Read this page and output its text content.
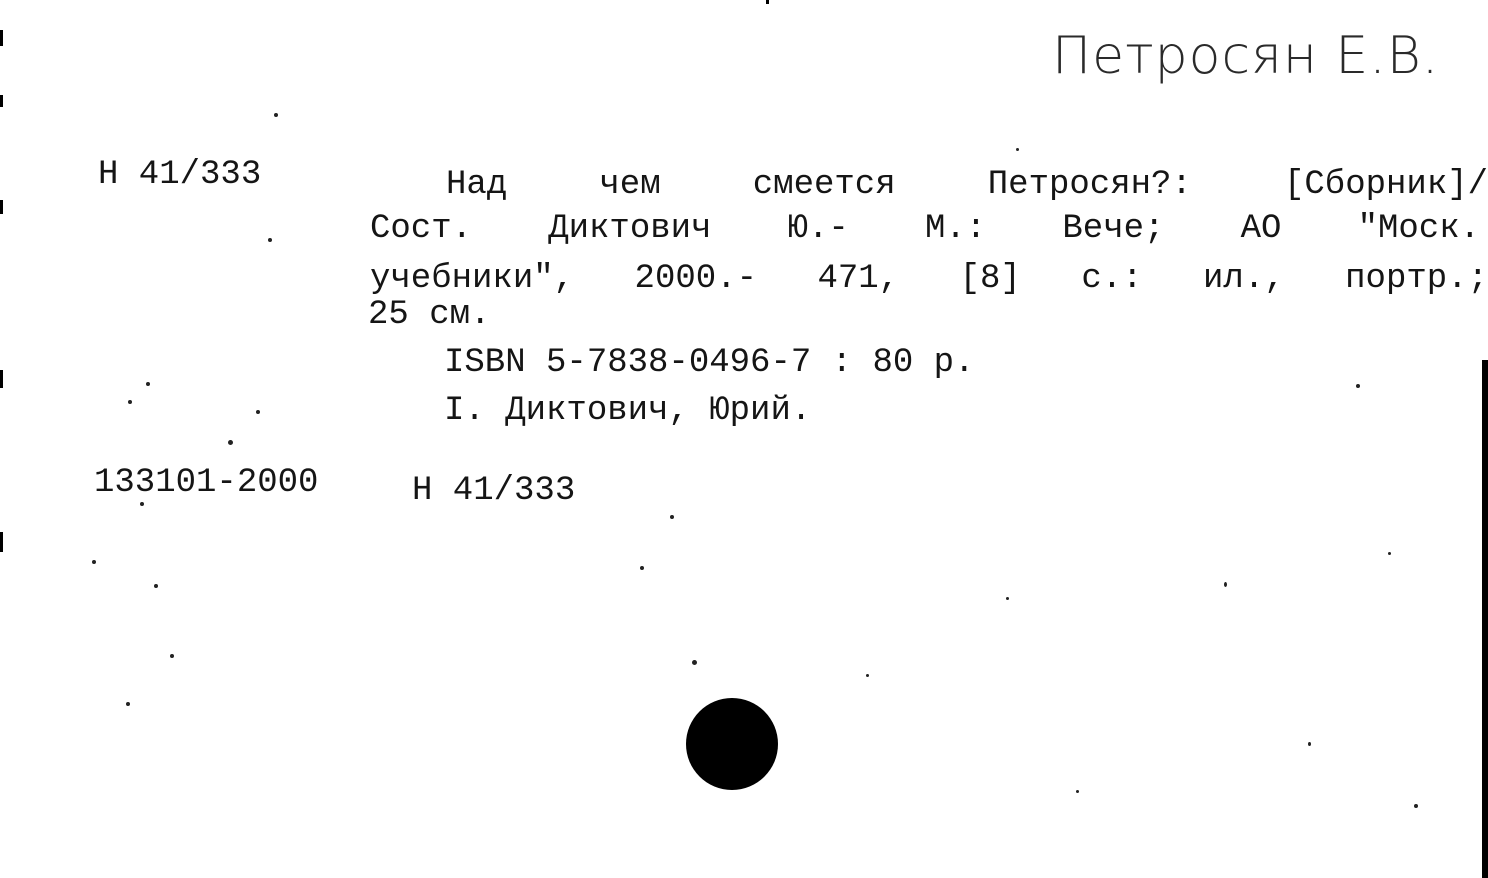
Петросян Е.В.
Н 41/333	Над	чем	смеется	Петросян?:	[Сборник]/
Сост. Диктович Ю.- М.: Вече; АО "Моск.
учебники", 2000.- 471, [8] с.: ил., портр.;
25 см.
ISBN 5-7838-0496-7 : 80 р.
I. Диктович, Юрий.
133101-2000	Н 41/333
